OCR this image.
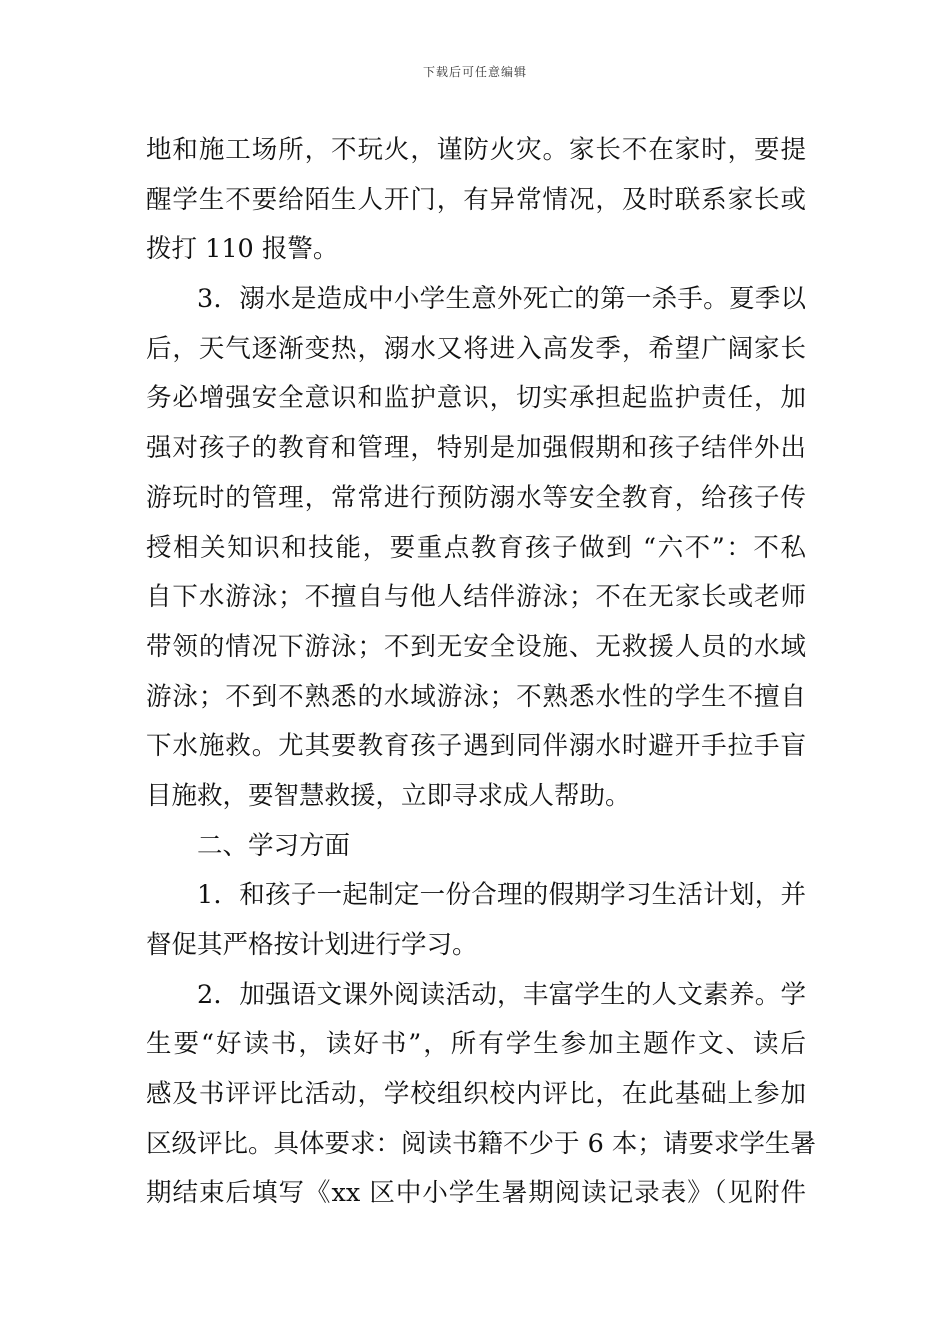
下载后可任意编辑
地和施工场所，不玩火，谨防火灾。家长不在家时，要提
醒学生不要给陌生人开门，有异常情况，及时联系家长或
拨打 110 报警。
3．溺水是造成中小学生意外死亡的第一杀手。夏季以
后，天气逐渐变热，溺水又将进入高发季，希望广阔家长
务必增强安全意识和监护意识，切实承担起监护责任，加
强对孩子的教育和管理，特别是加强假期和孩子结伴外出
游玩时的管理，常常进行预防溺水等安全教育，给孩子传
授相关知识和技能，要重点教育孩子做到 “六不”：不私
自下水游泳；不擅自与他人结伴游泳；不在无家长或老师
带领的情况下游泳；不到无安全设施、无救援人员的水域
游泳；不到不熟悉的水域游泳；不熟悉水性的学生不擅自
下水施救。尤其要教育孩子遇到同伴溺水时避开手拉手盲
目施救，要智慧救援，立即寻求成人帮助。
二、学习方面
1．和孩子一起制定一份合理的假期学习生活计划，并
督促其严格按计划进行学习。
2．加强语文课外阅读活动，丰富学生的人文素养。学
生要“好读书，读好书”，所有学生参加主题作文、读后
感及书评评比活动，学校组织校内评比，在此基础上参加
区级评比。具体要求：阅读书籍不少于 6 本；请要求学生暑
期结束后填写《xx 区中小学生暑期阅读记录表》（见附件
